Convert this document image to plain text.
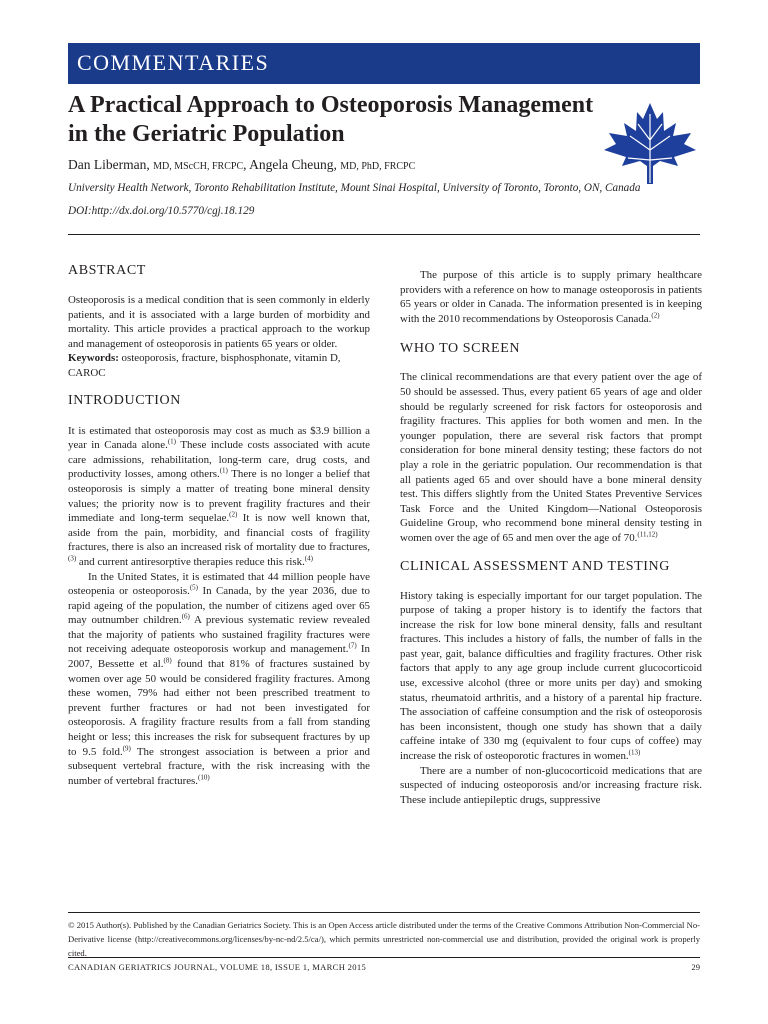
COMMENTARIES
A Practical Approach to Osteoporosis Management in the Geriatric Population
Dan Liberman, MD, MScCH, FRCPC, Angela Cheung, MD, PhD, FRCPC
University Health Network, Toronto Rehabilitation Institute, Mount Sinai Hospital, University of Toronto, Toronto, ON, Canada
DOI:http://dx.doi.org/10.5770/cgj.18.129
ABSTRACT

Osteoporosis is a medical condition that is seen commonly in elderly patients, and it is associated with a large burden of morbidity and mortality. This article provides a practical approach to the workup and management of osteoporosis in patients 65 years or older.

Keywords: osteoporosis, fracture, bisphosphonate, vitamin D, CAROC

INTRODUCTION

It is estimated that osteoporosis may cost as much as $3.9 billion a year in Canada alone.$^{(1)}$ These include costs associated with acute care admissions, rehabilitation, long-term care, drug costs, and productivity losses, among others.$^{(1)}$ There is no longer a belief that osteoporosis is simply a matter of treating bone mineral density values; the priority now is to prevent fragility fractures and their immediate and long-term sequelae.$^{(2)}$ It is now well known that, aside from the pain, morbidity, and financial costs of fragility fractures, there is also an increased risk of mortality due to fractures,$^{(3)}$ and current antiresorptive therapies reduce this risk.$^{(4)}$

In the United States, it is estimated that 44 million people have osteopenia or osteoporosis.$^{(5)}$ In Canada, by the year 2036, due to rapid ageing of the population, the number of citizens aged over 65 may outnumber children.$^{(6)}$ A previous systematic review revealed that the majority of patients who sustained fragility fractures were not receiving adequate osteoporosis workup and management.$^{(7)}$ In 2007, Bessette et al.$^{(8)}$ found that 81% of fractures sustained by women over age 50 would be considered fragility fractures. Among these women, 79% had either not been prescribed treatment to prevent further fractures or had not been investigated for osteoporosis. A fragility fracture results from a fall from standing height or less; this increases the risk for subsequent fractures by up to 9.5 fold.$^{(9)}$ The strongest association is between a prior and subsequent vertebral fracture, with the risk increasing with the number of vertebral fractures.$^{(10)}$

The purpose of this article is to supply primary healthcare providers with a reference on how to manage osteoporosis in patients 65 years or older in Canada. The information presented is in keeping with the 2010 recommendations by Osteoporosis Canada.$^{(2)}$

WHO TO SCREEN

The clinical recommendations are that every patient over the age of 50 should be assessed. Thus, every patient 65 years of age and older should be regularly screened for risk factors for osteoporosis and fragility fractures. This applies for both women and men. In the younger population, there are several risk factors that prompt consideration for bone mineral density testing; these factors do not play a role in the geriatric population. Our recommendation is that all patients aged 65 and over should have a bone mineral density test. This differs slightly from the United States Preventive Services Task Force and the United Kingdom—National Osteoporosis Guideline Group, who recommend bone mineral density testing in women over the age of 65 and men over the age of 70.$^{(11,12)}$

CLINICAL ASSESSMENT AND TESTING

History taking is especially important for our target population. The purpose of taking a proper history is to identify the factors that increase the risk for low bone mineral density, falls and resultant fractures. This includes a history of falls, the number of falls in the past year, gait, balance difficulties and fragility fractures. Other risk factors that apply to any age group include current glucocorticoid use, excessive alcohol (three or more units per day) and smoking status, rheumatoid arthritis, and a history of a parental hip fracture. The association of caffeine consumption and the risk of osteoporosis has been inconsistent, though one study has shown that a daily caffeine intake of 330 mg (equivalent to four cups of coffee) may increase the risk of osteoporotic fractures in women.$^{(13)}$

There are a number of non-glucocorticoid medications that are suspected of inducing osteoporosis and/or increasing fracture risk. These include antiepileptic drugs, suppressive

© 2015 Author(s). Published by the Canadian Geriatrics Society. This is an Open Access article distributed under the terms of the Creative Commons Attribution Non-Commercial No-Derivative license (http://creativecommons.org/licenses/by-nc-nd/2.5/ca/), which permits unrestricted non-commercial use and distribution, provided the original work is properly cited.
CANADIAN GERIATRICS JOURNAL, VOLUME 18, ISSUE 1, MARCH 2015	29
